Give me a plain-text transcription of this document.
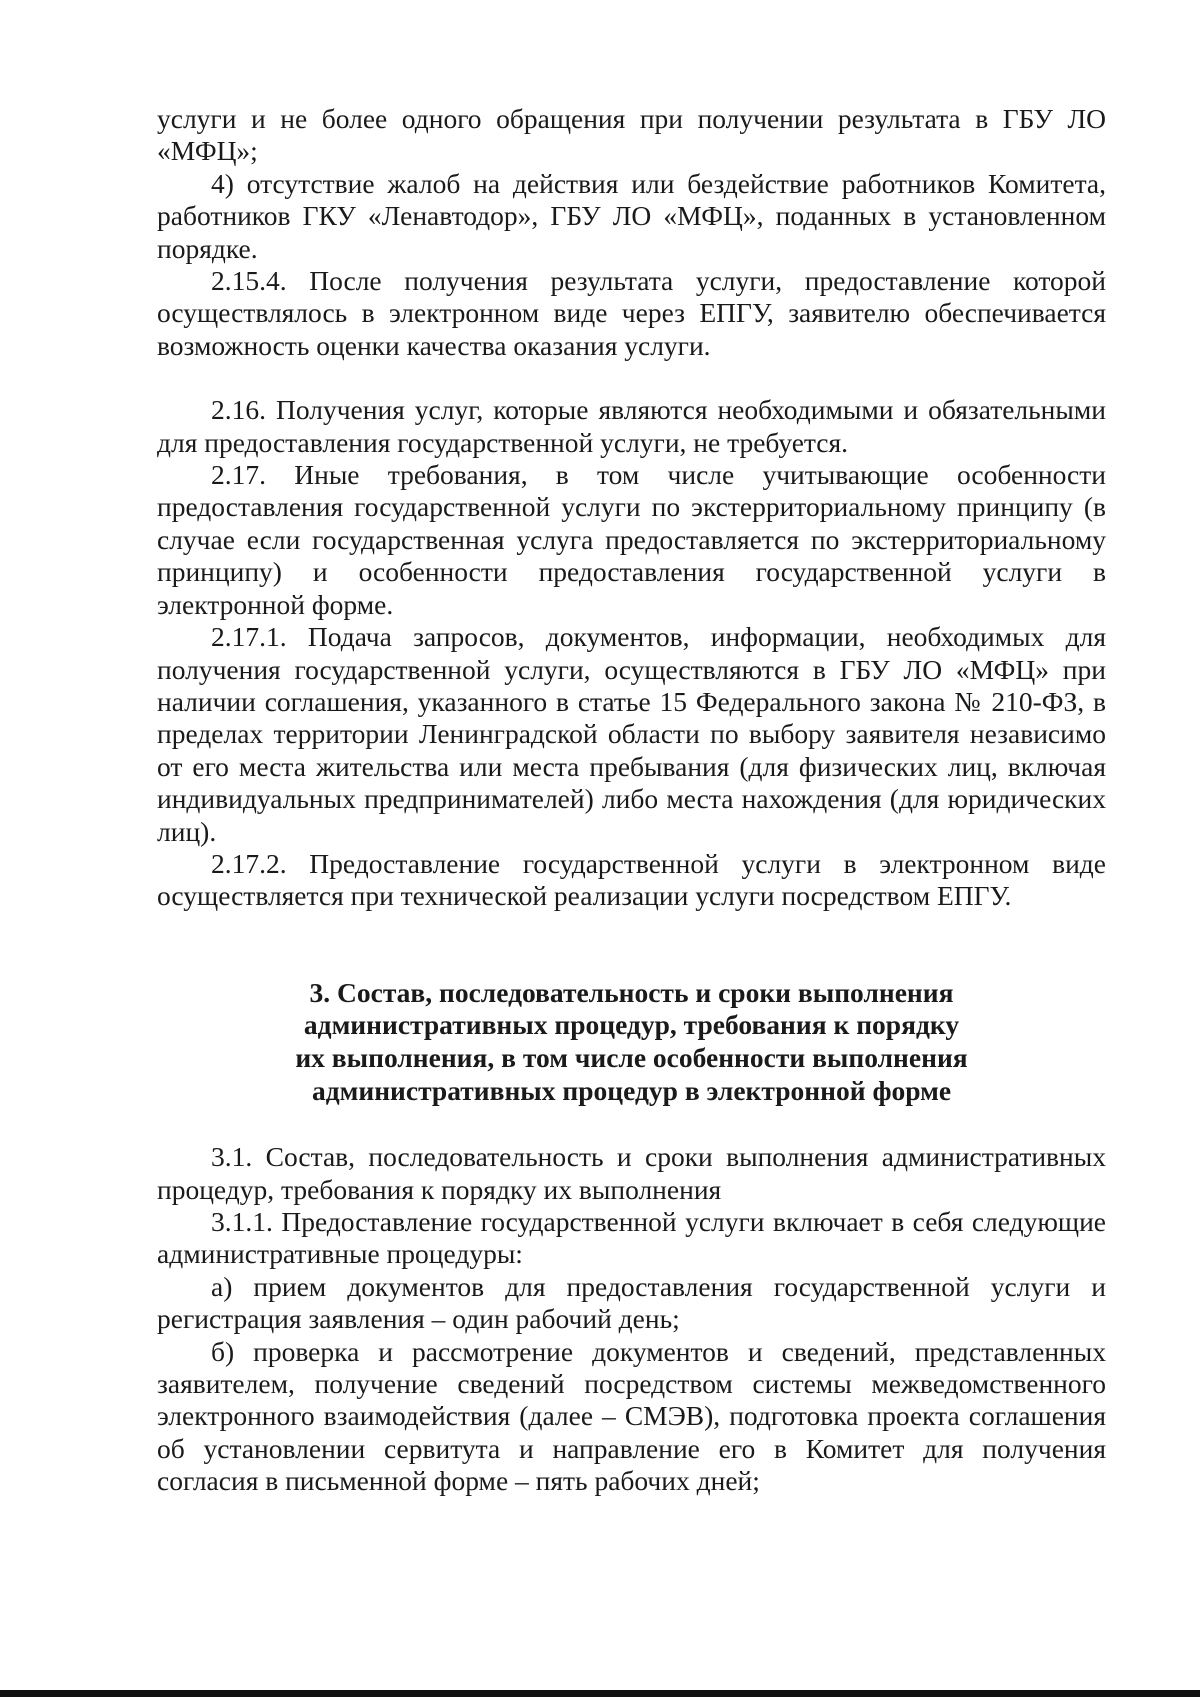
услуги и не более одного обращения при получении результата в ГБУ ЛО «МФЦ»;

4) отсутствие жалоб на действия или бездействие работников Комитета, работников ГКУ «Ленавтодор», ГБУ ЛО «МФЦ», поданных в установленном порядке.

2.15.4. После получения результата услуги, предоставление которой осуществлялось в электронном виде через ЕПГУ, заявителю обеспечивается возможность оценки качества оказания услуги.

2.16. Получения услуг, которые являются необходимыми и обязательными для предоставления государственной услуги, не требуется.

2.17. Иные требования, в том числе учитывающие особенности предоставления государственной услуги по экстерриториальному принципу (в случае если государственная услуга предоставляется по экстерриториальному принципу) и особенности предоставления государственной услуги в электронной форме.

2.17.1. Подача запросов, документов, информации, необходимых для получения государственной услуги, осуществляются в ГБУ ЛО «МФЦ» при наличии соглашения, указанного в статье 15 Федерального закона № 210-ФЗ, в пределах территории Ленинградской области по выбору заявителя независимо от его места жительства или места пребывания (для физических лиц, включая индивидуальных предпринимателей) либо места нахождения (для юридических лиц).

2.17.2. Предоставление государственной услуги в электронном виде осуществляется при технической реализации услуги посредством ЕПГУ.

3. Состав, последовательность и сроки выполнения
административных процедур, требования к порядку
их выполнения, в том числе особенности выполнения
административных процедур в электронной форме

3.1. Состав, последовательность и сроки выполнения административных процедур, требования к порядку их выполнения

3.1.1. Предоставление государственной услуги включает в себя следующие административные процедуры:

а) прием документов для предоставления государственной услуги и регистрация заявления – один рабочий день;

б) проверка и рассмотрение документов и сведений, представленных заявителем, получение сведений посредством системы межведомственного электронного взаимодействия (далее – СМЭВ), подготовка проекта соглашения об установлении сервитута и направление его в Комитет для получения согласия в письменной форме – пять рабочих дней;
